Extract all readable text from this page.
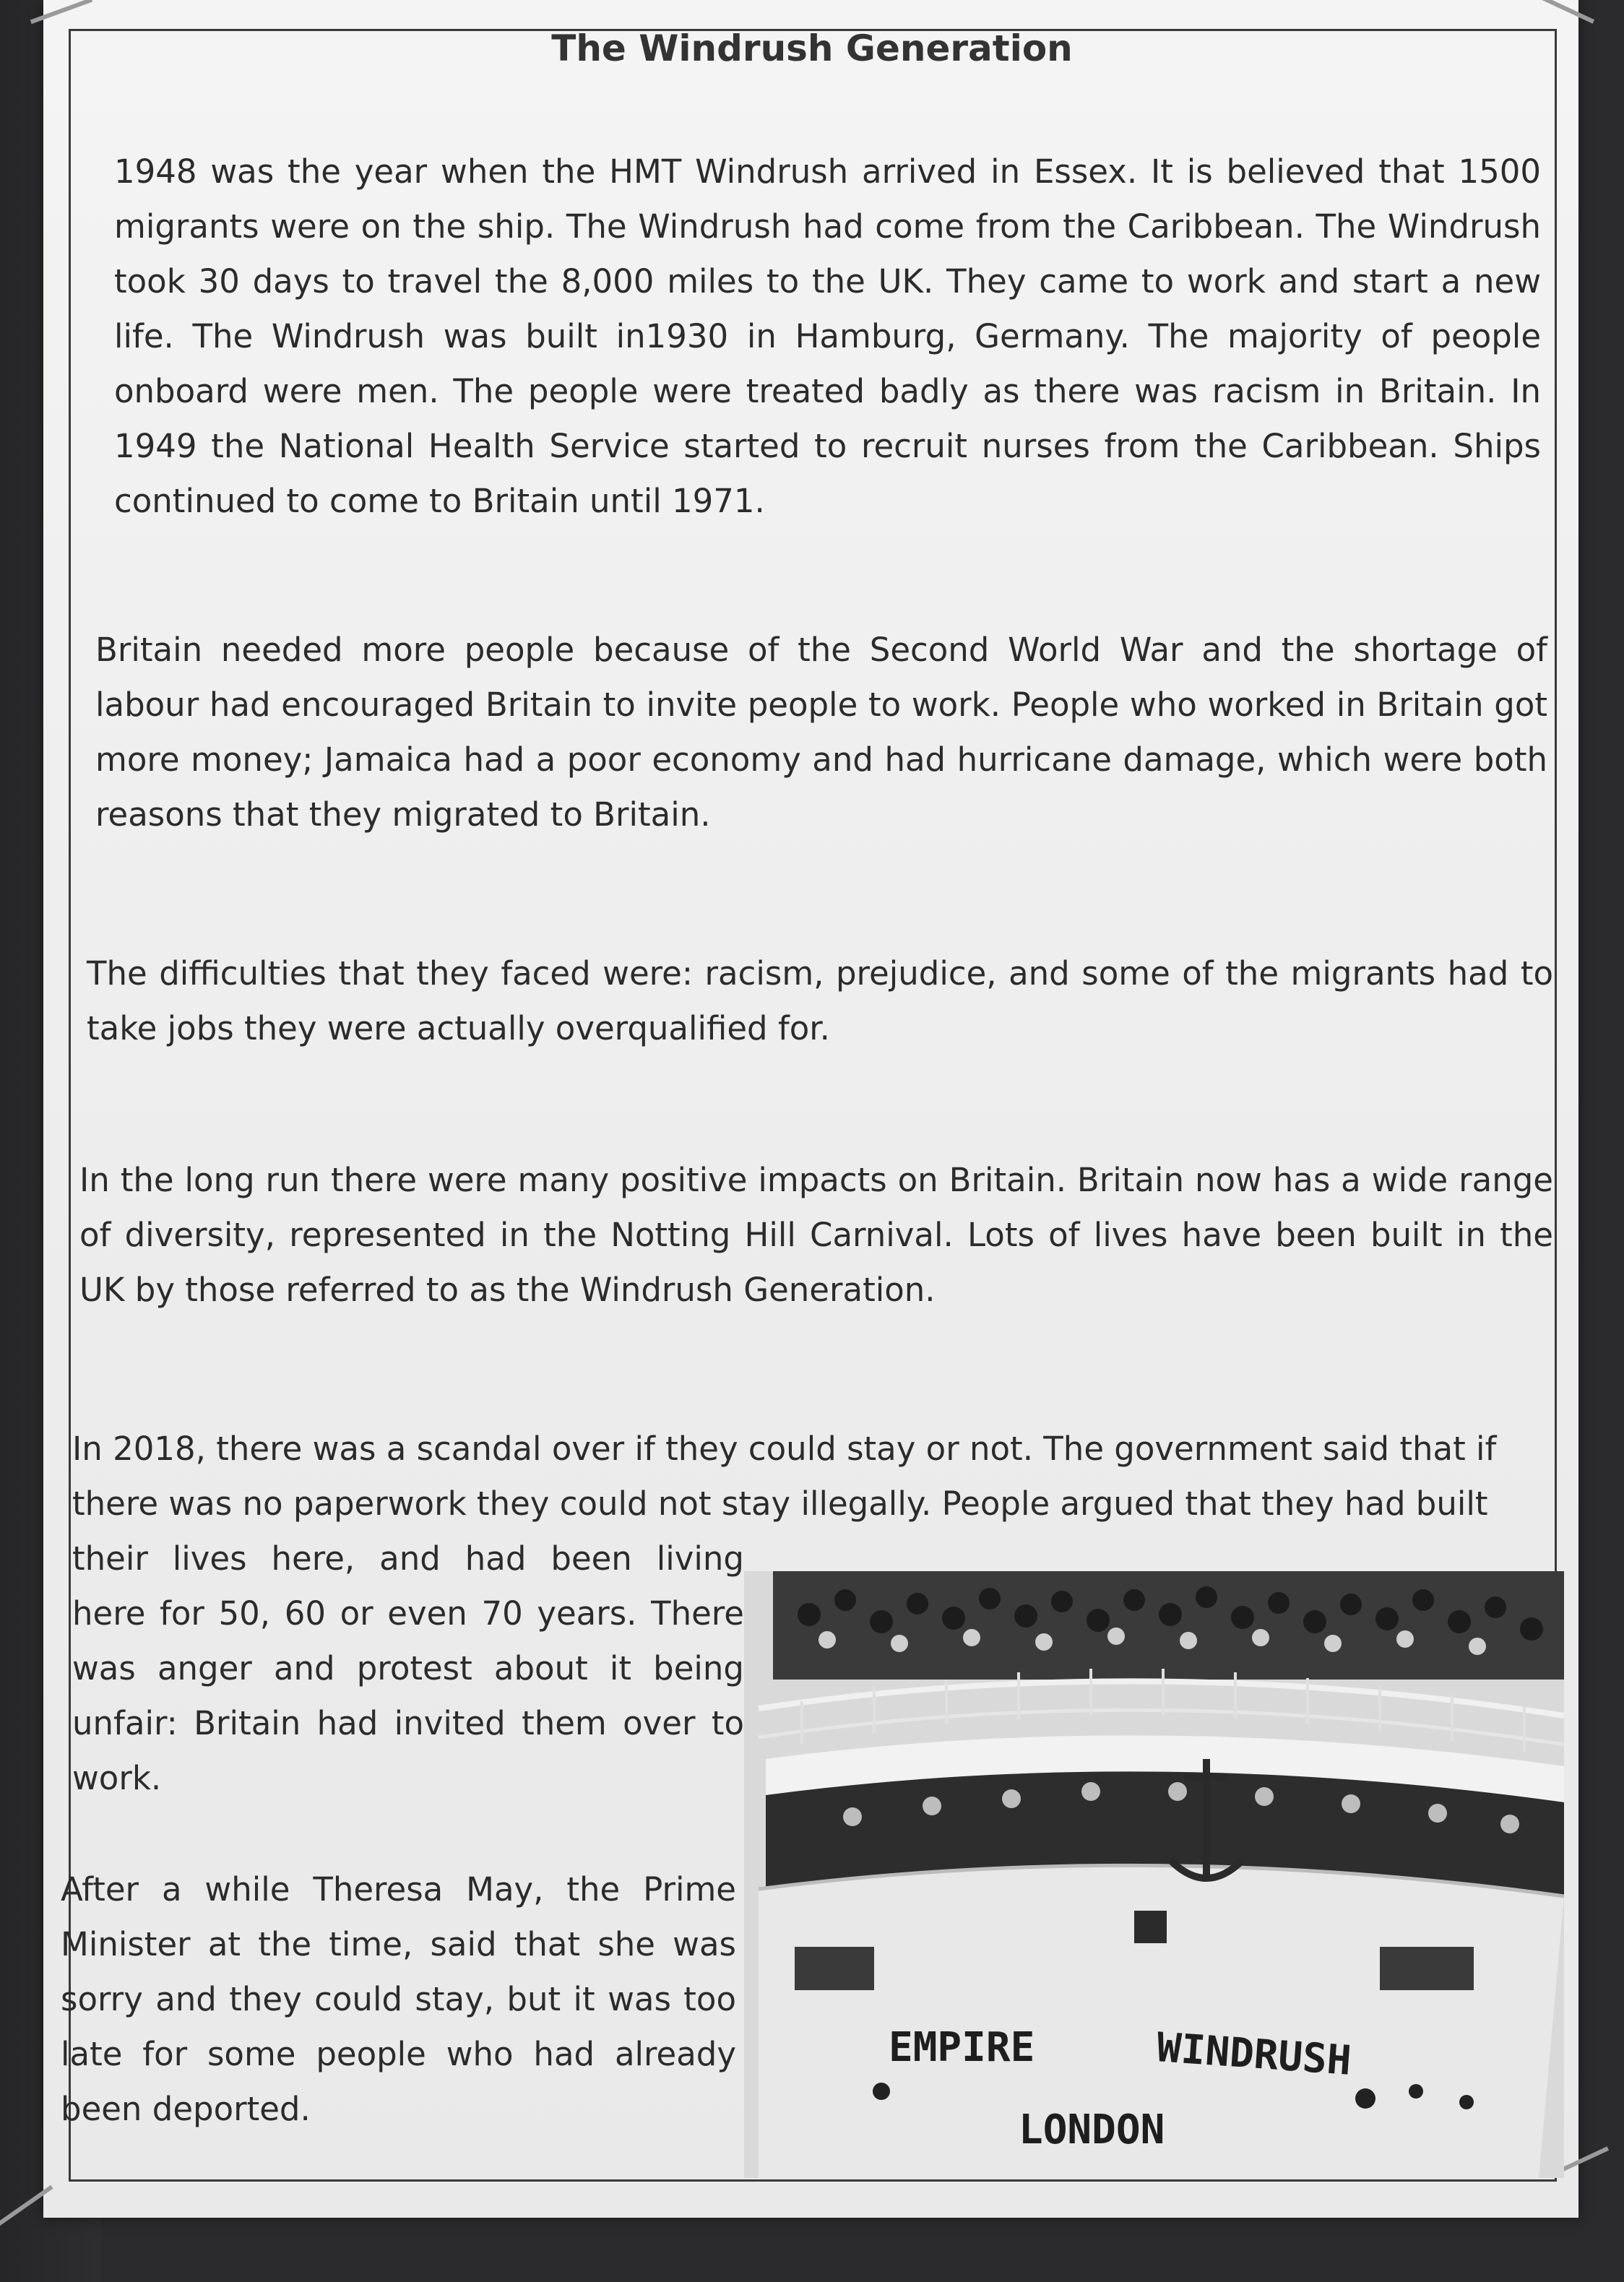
The Windrush Generation
1948 was the year when the HMT Windrush arrived in Essex. It is believed that 1500 migrants were on the ship. The Windrush had come from the Caribbean. The Windrush took 30 days to travel the 8,000 miles to the UK. They came to work and start a new life. The Windrush was built in1930 in Hamburg, Germany. The majority of people onboard were men. The people were treated badly as there was racism in Britain. In 1949 the National Health Service started to recruit nurses from the Caribbean. Ships continued to come to Britain until 1971.
Britain needed more people because of the Second World War and the shortage of labour had encouraged Britain to invite people to work. People who worked in Britain got more money; Jamaica had a poor economy and had hurricane damage, which were both reasons that they migrated to Britain.
The difficulties that they faced were: racism, prejudice, and some of the migrants had to take jobs they were actually overqualified for.
In the long run there were many positive impacts on Britain. Britain now has a wide range of diversity, represented in the Notting Hill Carnival. Lots of lives have been built in the UK by those referred to as the Windrush Generation.
In 2018, there was a scandal over if they could stay or not. The government said that if
there was no paperwork they could not stay illegally. People argued that they had built
their lives here, and had been living
here for 50, 60 or even 70 years. There
was anger and protest about it being
unfair: Britain had invited them over to
work.
After a while Theresa May, the Prime
Minister at the time, said that she was
sorry and they could stay, but it was too
late for some people who had already
been deported.
EMPIRE	WINDRUSH
LONDON
